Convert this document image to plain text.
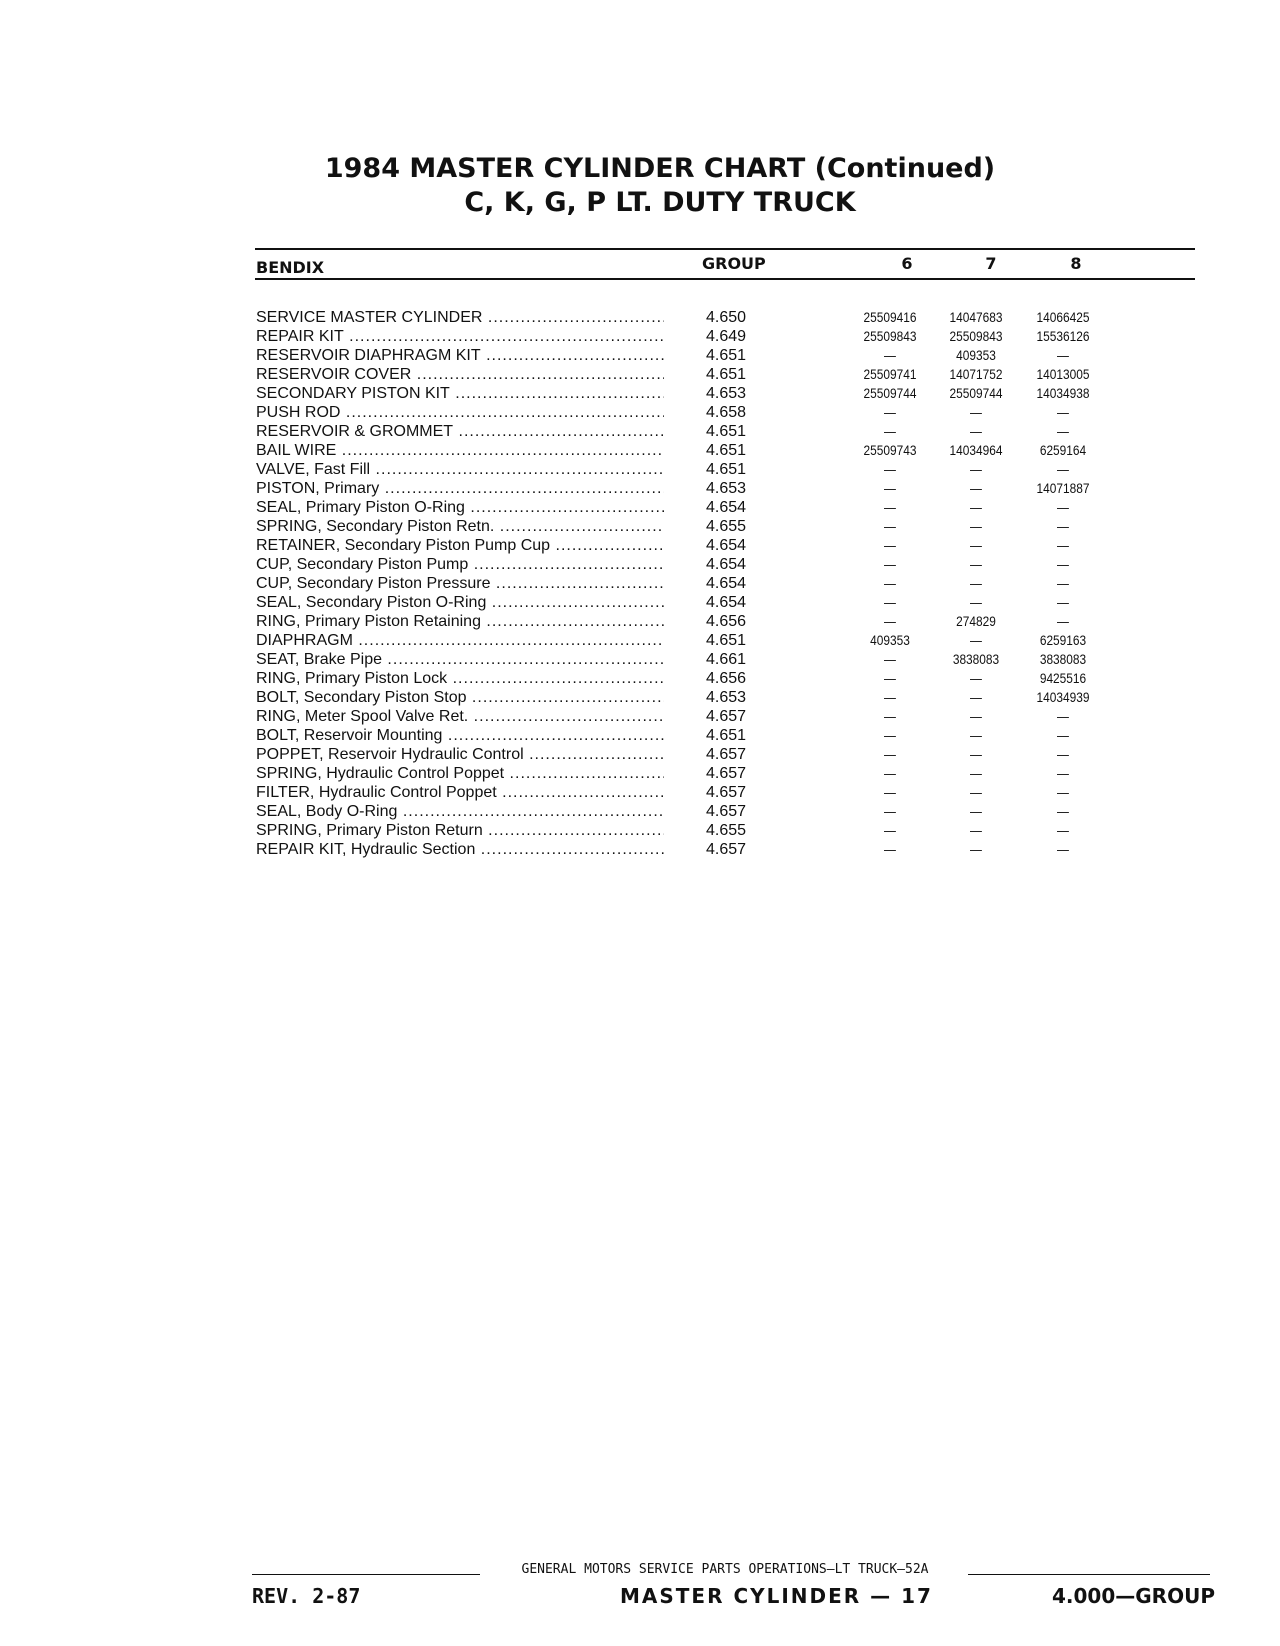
1984 MASTER CYLINDER CHART (Continued)
C, K, G, P LT. DUTY TRUCK
BENDIX	GROUP	6	7	8
SERVICE MASTER CYLINDER .....	4.650	25509416	14047683	14066425
REPAIR KIT .....	4.649	25509843	25509843	15536126
RESERVOIR DIAPHRAGM KIT .....	4.651	—	409353	—
RESERVOIR COVER .....	4.651	25509741	14071752	14013005
SECONDARY PISTON KIT .....	4.653	25509744	25509744	14034938
PUSH ROD .....	4.658	—	—	—
RESERVOIR & GROMMET .....	4.651	—	—	—
BAIL WIRE .....	4.651	25509743	14034964	6259164
VALVE, Fast Fill .....	4.651	—	—	—
PISTON, Primary .....	4.653	—	—	14071887
SEAL, Primary Piston O-Ring .....	4.654	—	—	—
SPRING, Secondary Piston Retn. .....	4.655	—	—	—
RETAINER, Secondary Piston Pump Cup .....	4.654	—	—	—
CUP, Secondary Piston Pump .....	4.654	—	—	—
CUP, Secondary Piston Pressure .....	4.654	—	—	—
SEAL, Secondary Piston O-Ring .....	4.654	—	—	—
RING, Primary Piston Retaining .....	4.656	—	274829	—
DIAPHRAGM .....	4.651	409353	—	6259163
SEAT, Brake Pipe .....	4.661	—	3838083	3838083
RING, Primary Piston Lock .....	4.656	—	—	9425516
BOLT, Secondary Piston Stop .....	4.653	—	—	14034939
RING, Meter Spool Valve Ret. .....	4.657	—	—	—
BOLT, Reservoir Mounting .....	4.651	—	—	—
POPPET, Reservoir Hydraulic Control .....	4.657	—	—	—
SPRING, Hydraulic Control Poppet .....	4.657	—	—	—
FILTER, Hydraulic Control Poppet .....	4.657	—	—	—
SEAL, Body O-Ring .....	4.657	—	—	—
SPRING, Primary Piston Return .....	4.655	—	—	—
REPAIR KIT, Hydraulic Section .....	4.657	—	—	—
GENERAL MOTORS SERVICE PARTS OPERATIONS—LT TRUCK—52A
REV. 2-87	MASTER CYLINDER — 17	4.000—GROUP
